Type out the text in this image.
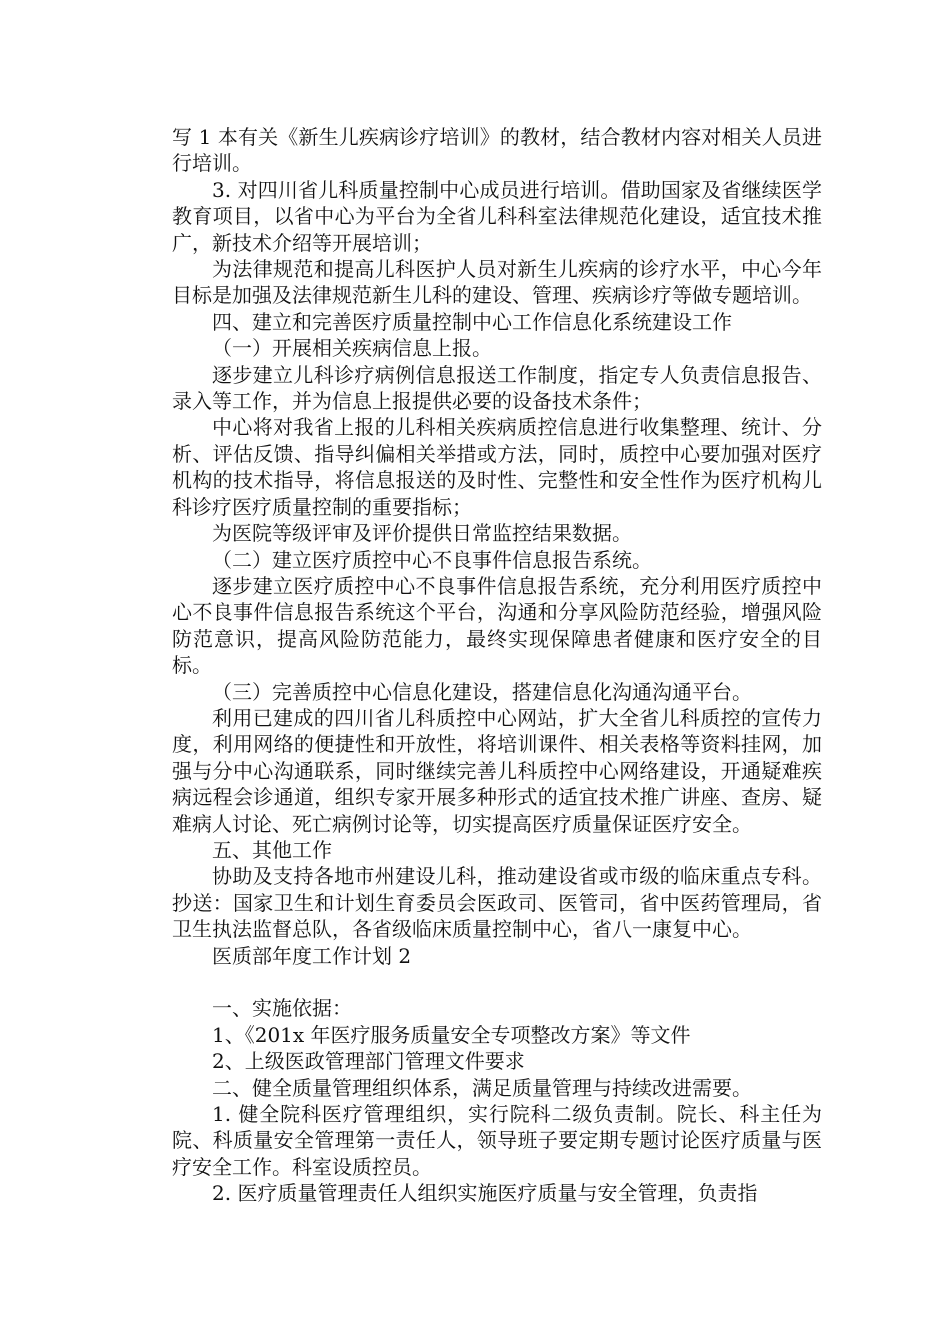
写 1 本有关《新生儿疾病诊疗培训》的教材，结合教材内容对相关人员进行培训。

3. 对四川省儿科质量控制中心成员进行培训。借助国家及省继续医学教育项目，以省中心为平台为全省儿科科室法律规范化建设，适宜技术推广，新技术介绍等开展培训；

为法律规范和提高儿科医护人员对新生儿疾病的诊疗水平，中心今年目标是加强及法律规范新生儿科的建设、管理、疾病诊疗等做专题培训。

四、建立和完善医疗质量控制中心工作信息化系统建设工作

（一）开展相关疾病信息上报。

逐步建立儿科诊疗病例信息报送工作制度，指定专人负责信息报告、录入等工作，并为信息上报提供必要的设备技术条件；

中心将对我省上报的儿科相关疾病质控信息进行收集整理、统计、分析、评估反馈、指导纠偏相关举措或方法，同时，质控中心要加强对医疗机构的技术指导，将信息报送的及时性、完整性和安全性作为医疗机构儿科诊疗医疗质量控制的重要指标；

为医院等级评审及评价提供日常监控结果数据。

（二）建立医疗质控中心不良事件信息报告系统。

逐步建立医疗质控中心不良事件信息报告系统，充分利用医疗质控中心不良事件信息报告系统这个平台，沟通和分享风险防范经验，增强风险防范意识，提高风险防范能力，最终实现保障患者健康和医疗安全的目标。

（三）完善质控中心信息化建设，搭建信息化沟通沟通平台。

利用已建成的四川省儿科质控中心网站，扩大全省儿科质控的宣传力度，利用网络的便捷性和开放性，将培训课件、相关表格等资料挂网，加强与分中心沟通联系，同时继续完善儿科质控中心网络建设，开通疑难疾病远程会诊通道，组织专家开展多种形式的适宜技术推广讲座、查房、疑难病人讨论、死亡病例讨论等，切实提高医疗质量保证医疗安全。

五、其他工作

协助及支持各地市州建设儿科，推动建设省或市级的临床重点专科。抄送：国家卫生和计划生育委员会医政司、医管司，省中医药管理局，省卫生执法监督总队，各省级临床质量控制中心，省八一康复中心。

医质部年度工作计划 2

一、实施依据：

1、《201x 年医疗服务质量安全专项整改方案》等文件

2、上级医政管理部门管理文件要求

二、健全质量管理组织体系，满足质量管理与持续改进需要。

1. 健全院科医疗管理组织，实行院科二级负责制。院长、科主任为院、科质量安全管理第一责任人，领导班子要定期专题讨论医疗质量与医疗安全工作。科室设质控员。

2. 医疗质量管理责任人组织实施医疗质量与安全管理，负责指
